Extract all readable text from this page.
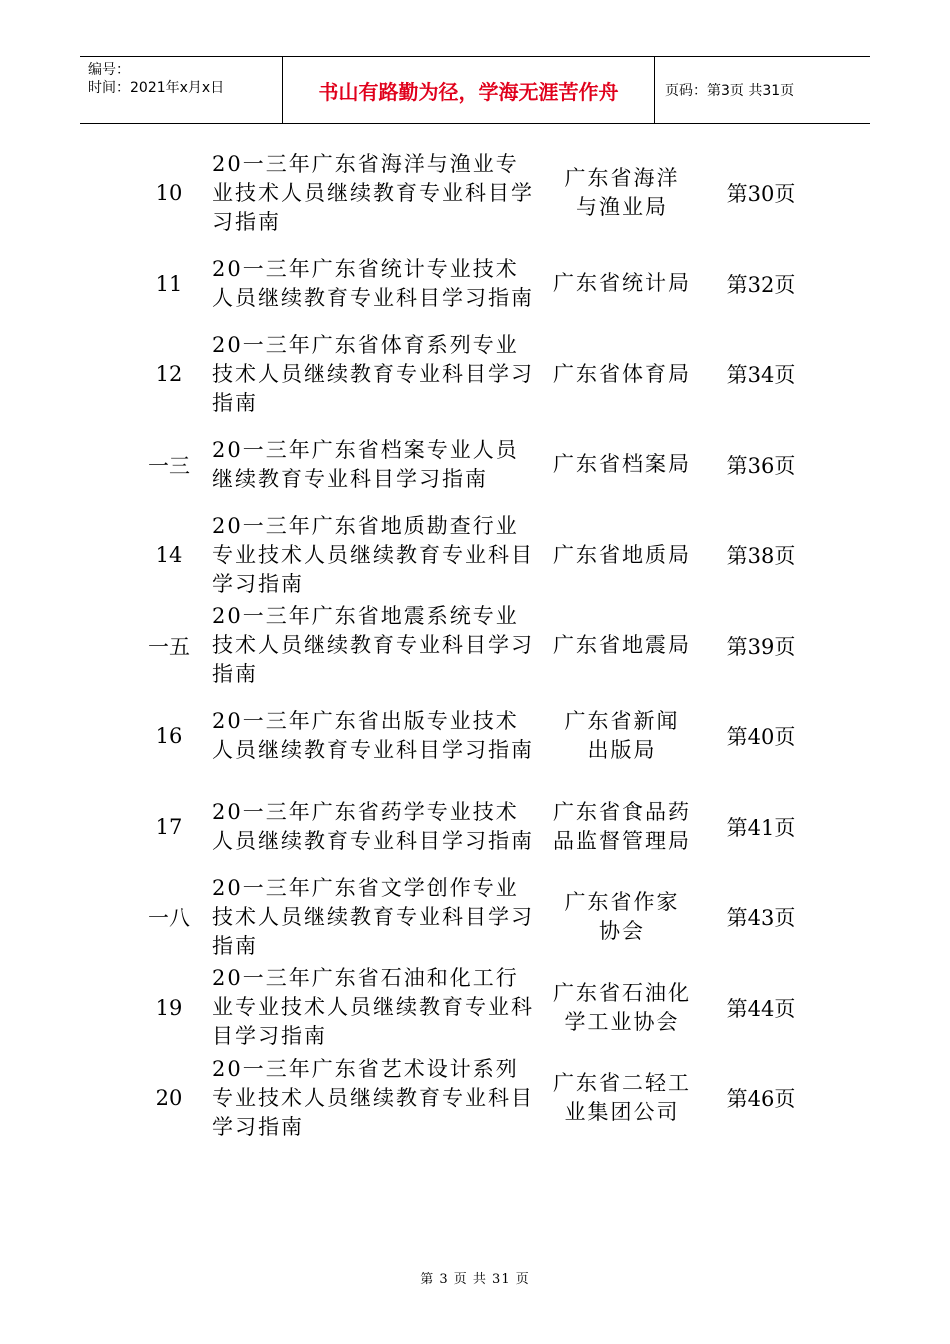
编号：
时间：2021年x月x日	书山有路勤为径，学海无涯苦作舟	页码：第3页 共31页
10
20一三年广东省海洋与渔业专业技术人员继续教育专业科目学习指南
广东省海洋与渔业局
第30页
11
20一三年广东省统计专业技术人员继续教育专业科目学习指南
广东省统计局	第32页
12
20一三年广东省体育系列专业技术人员继续教育专业科目学习指南
广东省体育局	第34页
一三
20一三年广东省档案专业人员继续教育专业科目学习指南
广东省档案局	第36页
14
20一三年广东省地质勘查行业专业技术人员继续教育专业科目学习指南
广东省地质局	第38页
一五
20一三年广东省地震系统专业技术人员继续教育专业科目学习指南
广东省地震局	第39页
16
20一三年广东省出版专业技术人员继续教育专业科目学习指南
广东省新闻出版局
第40页
17
20一三年广东省药学专业技术人员继续教育专业科目学习指南
广东省食品药品监督管理局
第41页
一八
20一三年广东省文学创作专业技术人员继续教育专业科目学习指南
广东省作家协会
第43页
19
20一三年广东省石油和化工行业专业技术人员继续教育专业科目学习指南
广东省石油化学工业协会
第44页
20
20一三年广东省艺术设计系列专业技术人员继续教育专业科目学习指南
广东省二轻工业集团公司
第46页
第 3 页 共 31 页
